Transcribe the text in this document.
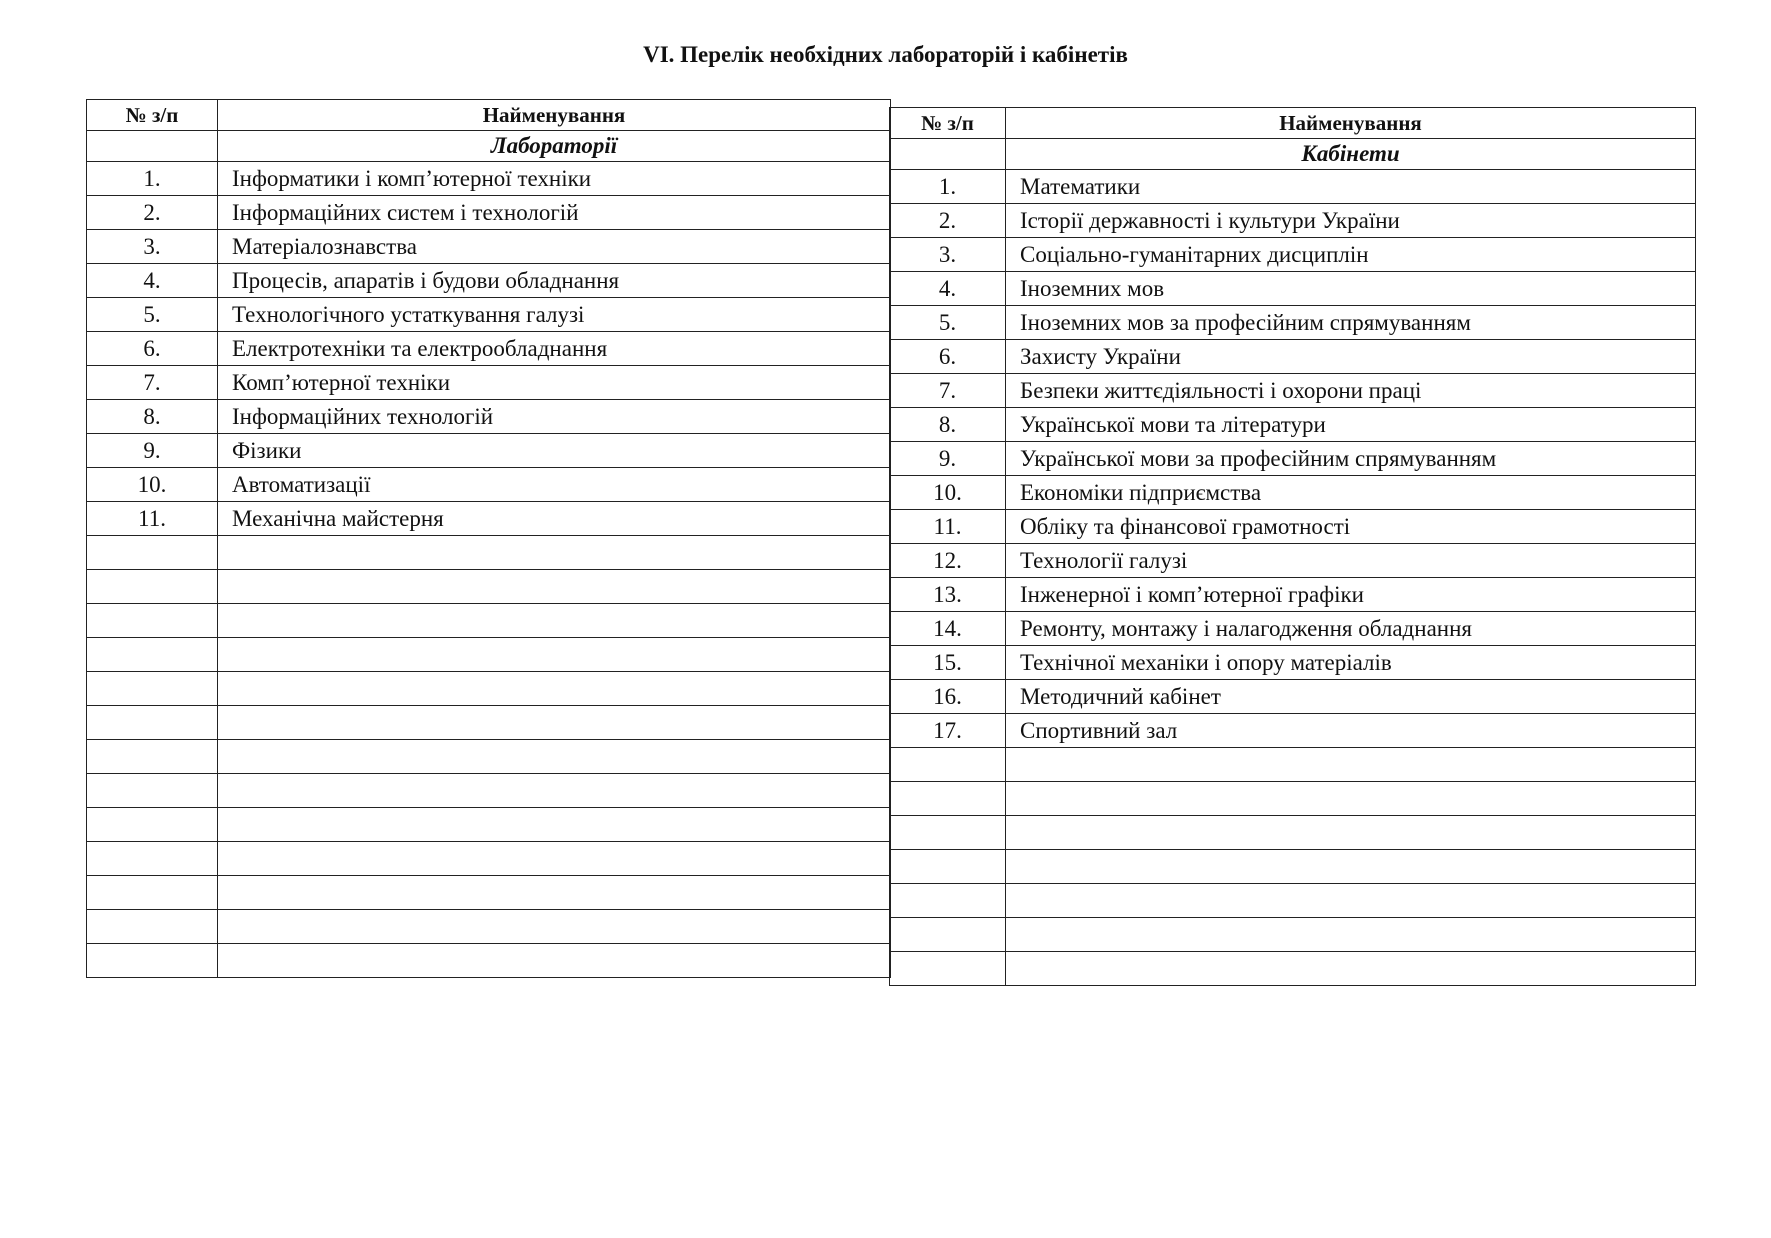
VI. Перелік необхідних лабораторій і кабінетів
№ з/п	Найменування
	Лабораторії
1.	Інформатики і комп’ютерної техніки
2.	Інформаційних систем і технологій
3.	Матеріалознавства
4.	Процесів, апаратів і будови обладнання
5.	Технологічного устаткування галузі
6.	Електротехніки та електрообладнання
7.	Комп’ютерної техніки
8.	Інформаційних технологій
9.	Фізики
10.	Автоматизації
11.	Механічна майстерня

№ з/п	Найменування
	Кабінети
1.	Математики
2.	Історії державності і культури України
3.	Соціально-гуманітарних дисциплін
4.	Іноземних мов
5.	Іноземних мов за професійним спрямуванням
6.	Захисту України
7.	Безпеки життєдіяльності і охорони праці
8.	Української мови та літератури
9.	Української мови за професійним спрямуванням
10.	Економіки підприємства
11.	Обліку та фінансової грамотності
12.	Технології галузі
13.	Інженерної і комп’ютерної графіки
14.	Ремонту, монтажу і налагодження обладнання
15.	Технічної механіки і опору матеріалів
16.	Методичний кабінет
17.	Спортивний зал
